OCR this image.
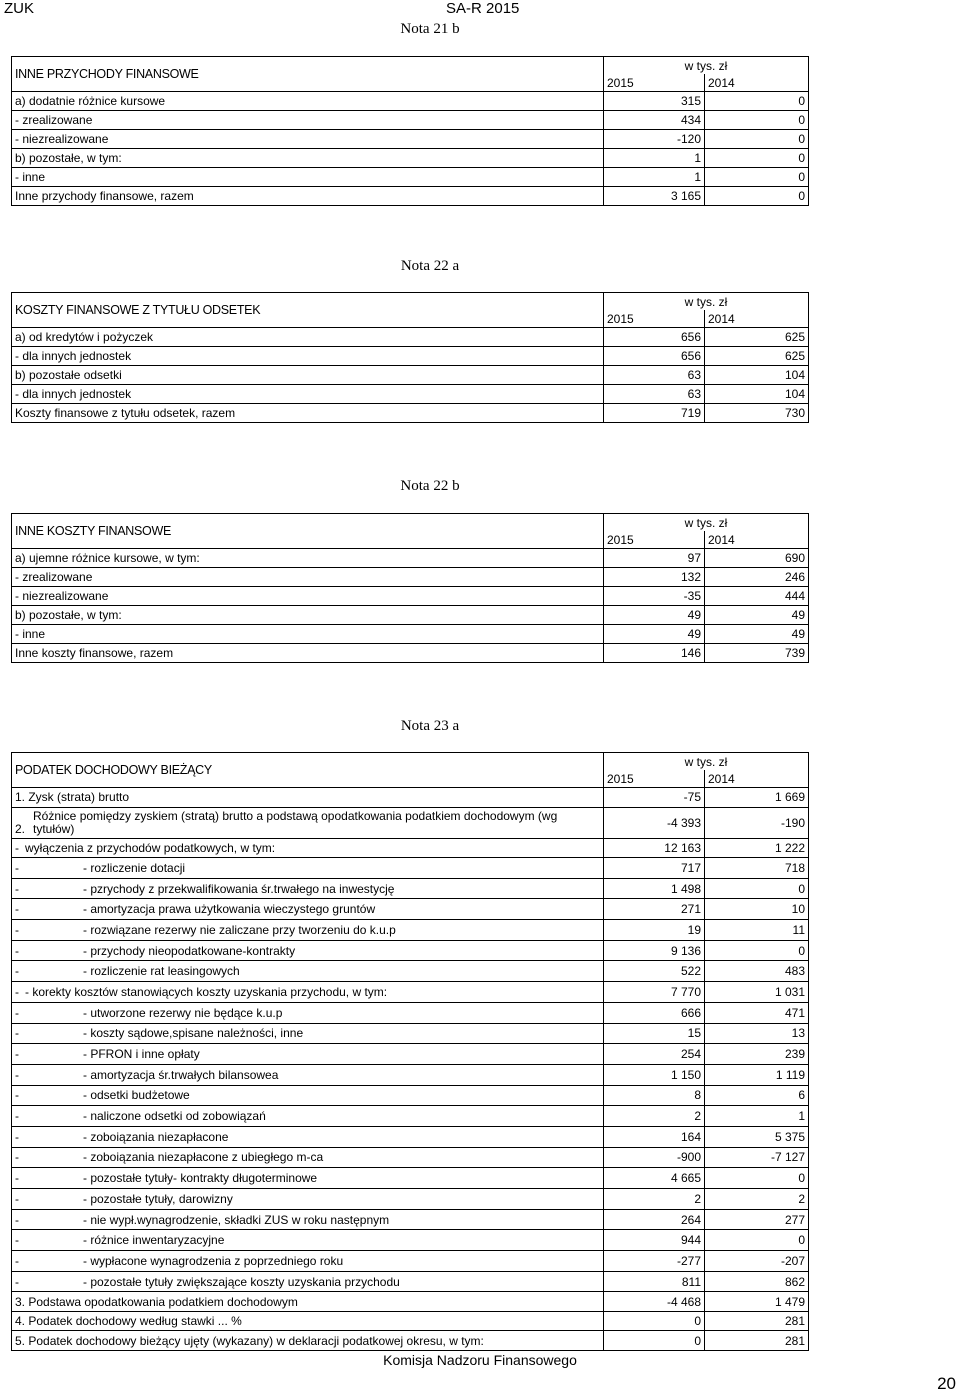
ZUK	SA-R 2015
Nota 21 b
INNE PRZYCHODY FINANSOWE	w tys. zł	
	2015	2014
a) dodatnie różnice kursowe	315	0
- zrealizowane	434	0
- niezrealizowane	-120	0
b) pozostałe, w tym:	1	0
- inne	1	0
Inne przychody finansowe, razem	3 165	0
Nota 22 a
KOSZTY FINANSOWE Z TYTUŁU ODSETEK	w tys. zł	
	2015	2014
a) od kredytów i pożyczek	656	625
- dla innych jednostek	656	625
b) pozostałe odsetki	63	104
- dla innych jednostek	63	104
Koszty finansowe z tytułu odsetek, razem	719	730
Nota 22 b
INNE KOSZTY FINANSOWE	w tys. zł	
	2015	2014
a) ujemne różnice kursowe, w tym:	97	690
- zrealizowane	132	246
- niezrealizowane	-35	444
b) pozostałe, w tym:	49	49
- inne	49	49
Inne koszty finansowe, razem	146	739
Nota 23 a
PODATEK DOCHODOWY BIEŻĄCY	w tys. zł	
	2015	2014
1. Zysk (strata) brutto	-75	1 669
2.Różnice pomiędzy zyskiem (stratą) brutto a podstawą opodatkowania podatkiem dochodowym (wg tytułów)	-4 393	-190
- wyłączenia z przychodów podatkowych, w tym:	12 163	1 222
- - rozliczenie dotacji	717	718
- - pzrychody z przekwalifikowania śr.trwałego na inwestycję	1 498	0
- - amortyzacja prawa użytkowania wieczystego gruntów	271	10
- - rozwiązane rezerwy nie zaliczane przy tworzeniu do k.u.p	19	11
- - przychody nieopodatkowane-kontrakty	9 136	0
- - rozliczenie rat leasingowych	522	483
- - korekty kosztów stanowiących koszty uzyskania przychodu, w tym:	7 770	1 031
- - utworzone rezerwy nie będące k.u.p	666	471
- - koszty sądowe,spisane należności, inne	15	13
- - PFRON i inne opłaty	254	239
- - amortyzacja śr.trwałych bilansowea	1 150	1 119
- - odsetki budżetowe	8	6
- - naliczone odsetki od zobowiązań	2	1
- - zoboiązania niezapłacone	164	5 375
- - zoboiązania niezapłacone z ubiegłego m-ca	-900	-7 127
- - pozostałe tytuły- kontrakty długoterminowe	4 665	0
- - pozostałe tytuły, darowizny	2	2
- - nie wypł.wynagrodzenie, składki ZUS w roku następnym	264	277
- - różnice inwentaryzacyjne	944	0
- - wypłacone wynagrodzenia z poprzedniego roku	-277	-207
- - pozostałe tytuły zwiększające koszty uzyskania przychodu	811	862
3. Podstawa opodatkowania podatkiem dochodowym	-4 468	1 479
4. Podatek dochodowy według stawki ... %	0	281
5. Podatek dochodowy bieżący ujęty (wykazany) w deklaracji podatkowej okresu, w tym:	0	281
Komisja Nadzoru Finansowego
20
